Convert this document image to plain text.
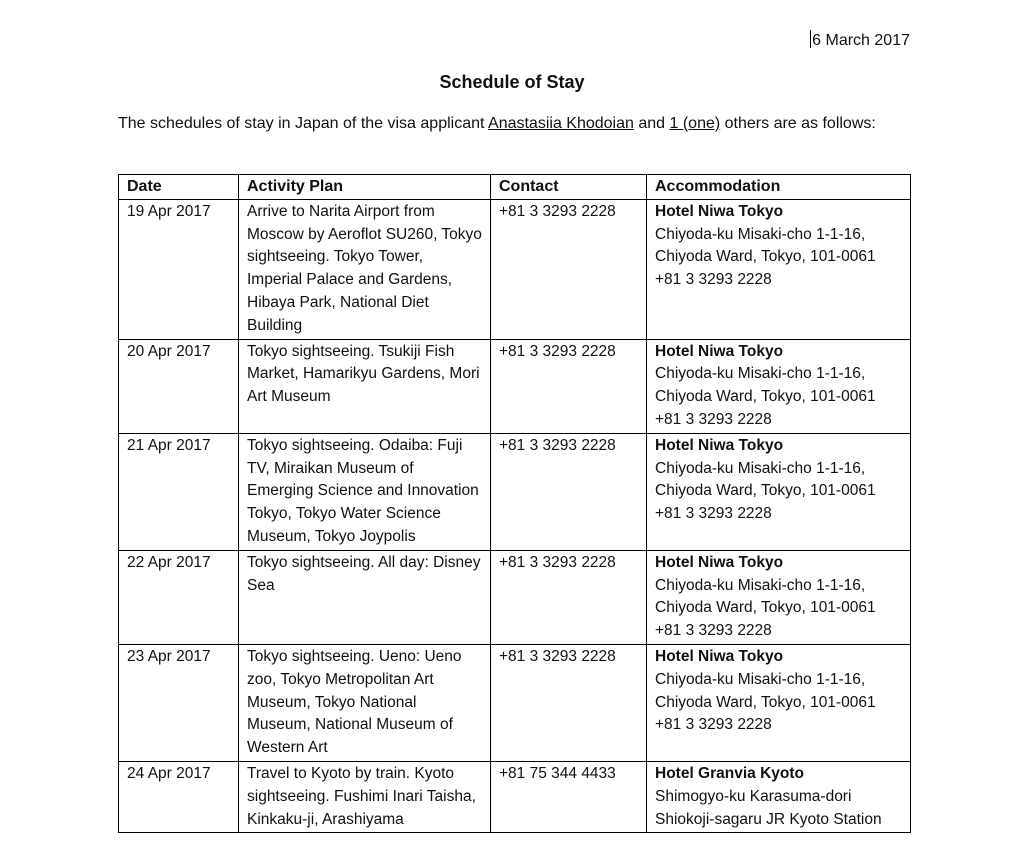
6 March 2017
Schedule of Stay
The schedules of stay in Japan of the visa applicant Anastasiia Khodoian and 1 (one) others are as follows:
Date	Activity Plan	Contact	Accommodation
19 Apr 2017	Arrive to Narita Airport from Moscow by Aeroflot SU260, Tokyo sightseeing. Tokyo Tower, Imperial Palace and Gardens, Hibaya Park, National Diet Building	+81 3 3293 2228	Hotel Niwa Tokyo
Chiyoda-ku Misaki-cho 1-1-16,
Chiyoda Ward, Tokyo, 101-0061
+81 3 3293 2228

20 Apr 2017	Tokyo sightseeing. Tsukiji Fish Market, Hamarikyu Gardens, Mori Art Museum	+81 3 3293 2228	Hotel Niwa Tokyo
Chiyoda-ku Misaki-cho 1-1-16,
Chiyoda Ward, Tokyo, 101-0061
+81 3 3293 2228

21 Apr 2017	Tokyo sightseeing. Odaiba: Fuji TV, Miraikan Museum of Emerging Science and Innovation Tokyo, Tokyo Water Science Museum, Tokyo Joypolis	+81 3 3293 2228	Hotel Niwa Tokyo
Chiyoda-ku Misaki-cho 1-1-16,
Chiyoda Ward, Tokyo, 101-0061
+81 3 3293 2228

22 Apr 2017	Tokyo sightseeing. All day: Disney Sea	+81 3 3293 2228	Hotel Niwa Tokyo
Chiyoda-ku Misaki-cho 1-1-16,
Chiyoda Ward, Tokyo, 101-0061
+81 3 3293 2228

23 Apr 2017	Tokyo sightseeing. Ueno: Ueno zoo, Tokyo Metropolitan Art Museum, Tokyo National Museum, National Museum of Western Art	+81 3 3293 2228	Hotel Niwa Tokyo
Chiyoda-ku Misaki-cho 1-1-16,
Chiyoda Ward, Tokyo, 101-0061
+81 3 3293 2228

24 Apr 2017	Travel to Kyoto by train. Kyoto sightseeing. Fushimi Inari Taisha, Kinkaku-ji, Arashiyama	+81 75 344 4433	Hotel Granvia Kyoto
Shimogyo-ku Karasuma-dori
Shiokoji-sagaru JR Kyoto Station
